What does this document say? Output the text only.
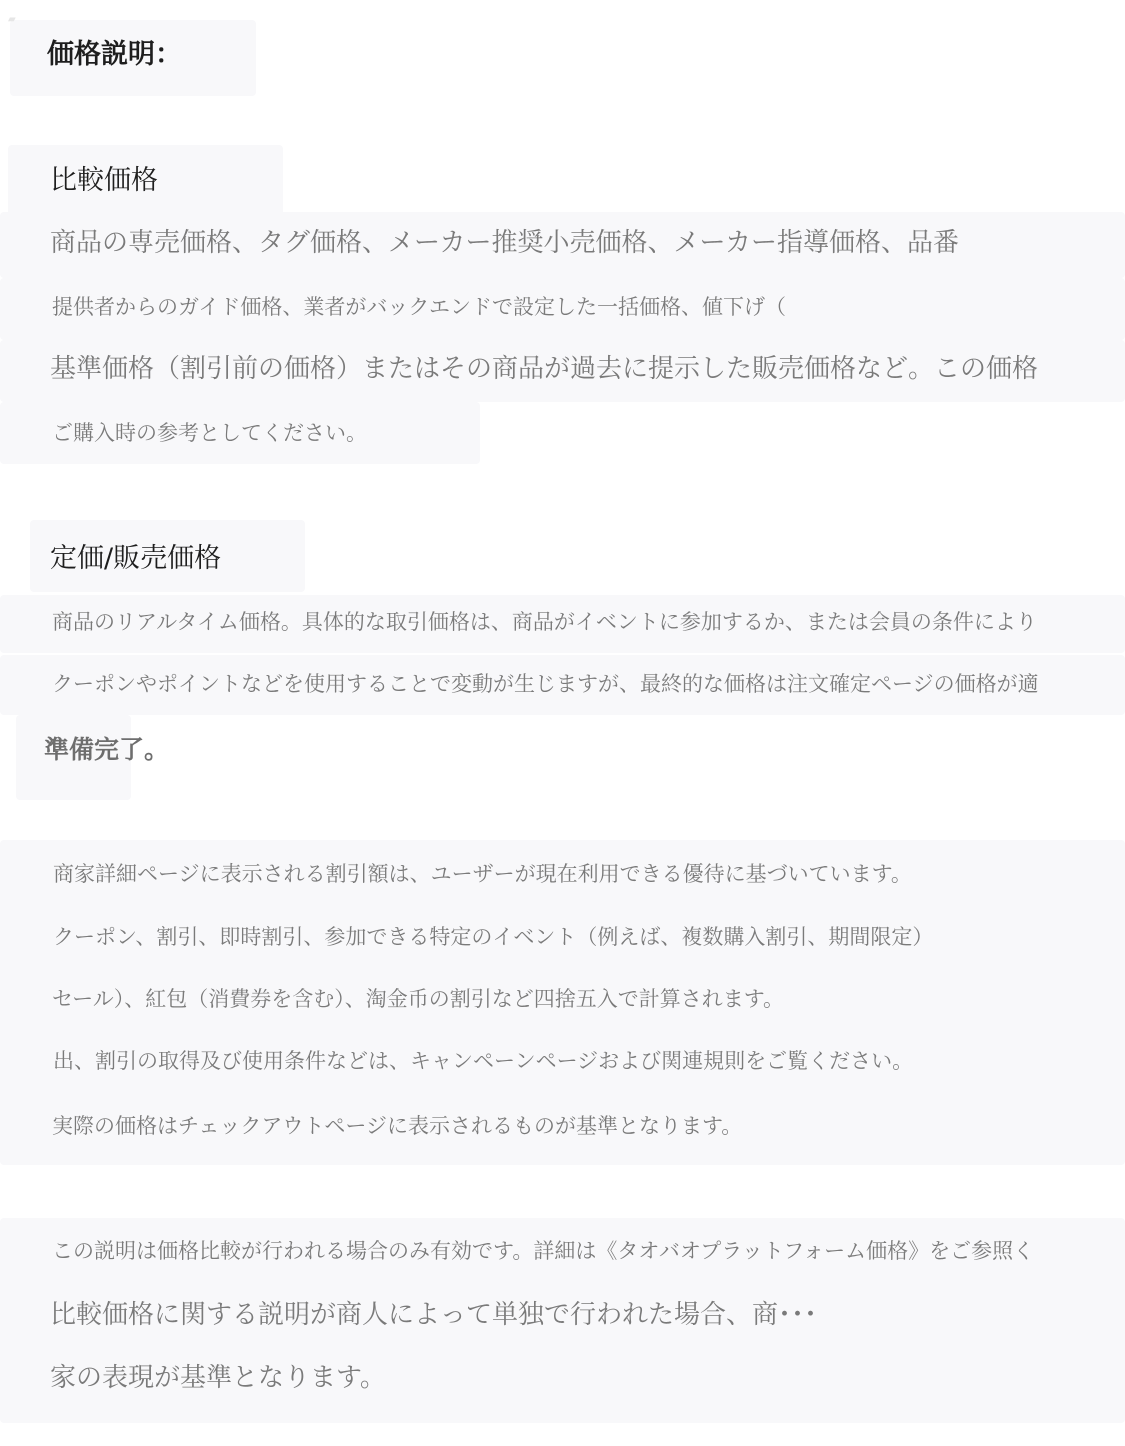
▰
価格説明：
比較価格
商品の専売価格、タグ価格、メーカー推奨小売価格、メーカー指導価格、品番
提供者からのガイド価格、業者がバックエンドで設定した一括価格、値下げ（
基準価格（割引前の価格）またはその商品が過去に提示した販売価格など。この価格
ご購入時の参考としてください。
定価/販売価格
商品のリアルタイム価格。具体的な取引価格は、商品がイベントに参加するか、または会員の条件により
クーポンやポイントなどを使用することで変動が生じますが、最終的な価格は注文確定ページの価格が適
準備完了。
商家詳細ページに表示される割引額は、ユーザーが現在利用できる優待に基づいています。
クーポン、割引、即時割引、参加できる特定のイベント（例えば、複数購入割引、期間限定）
セール）、紅包（消費券を含む）、淘金币の割引など四捨五入で計算されます。
出、割引の取得及び使用条件などは、キャンペーンページおよび関連規則をご覧ください。
実際の価格はチェックアウトページに表示されるものが基準となります。
この説明は価格比較が行われる場合のみ有効です。詳細は《タオバオプラットフォーム価格》をご参照く
比較価格に関する説明が商人によって単独で行われた場合、商･･･
家の表現が基準となります。
